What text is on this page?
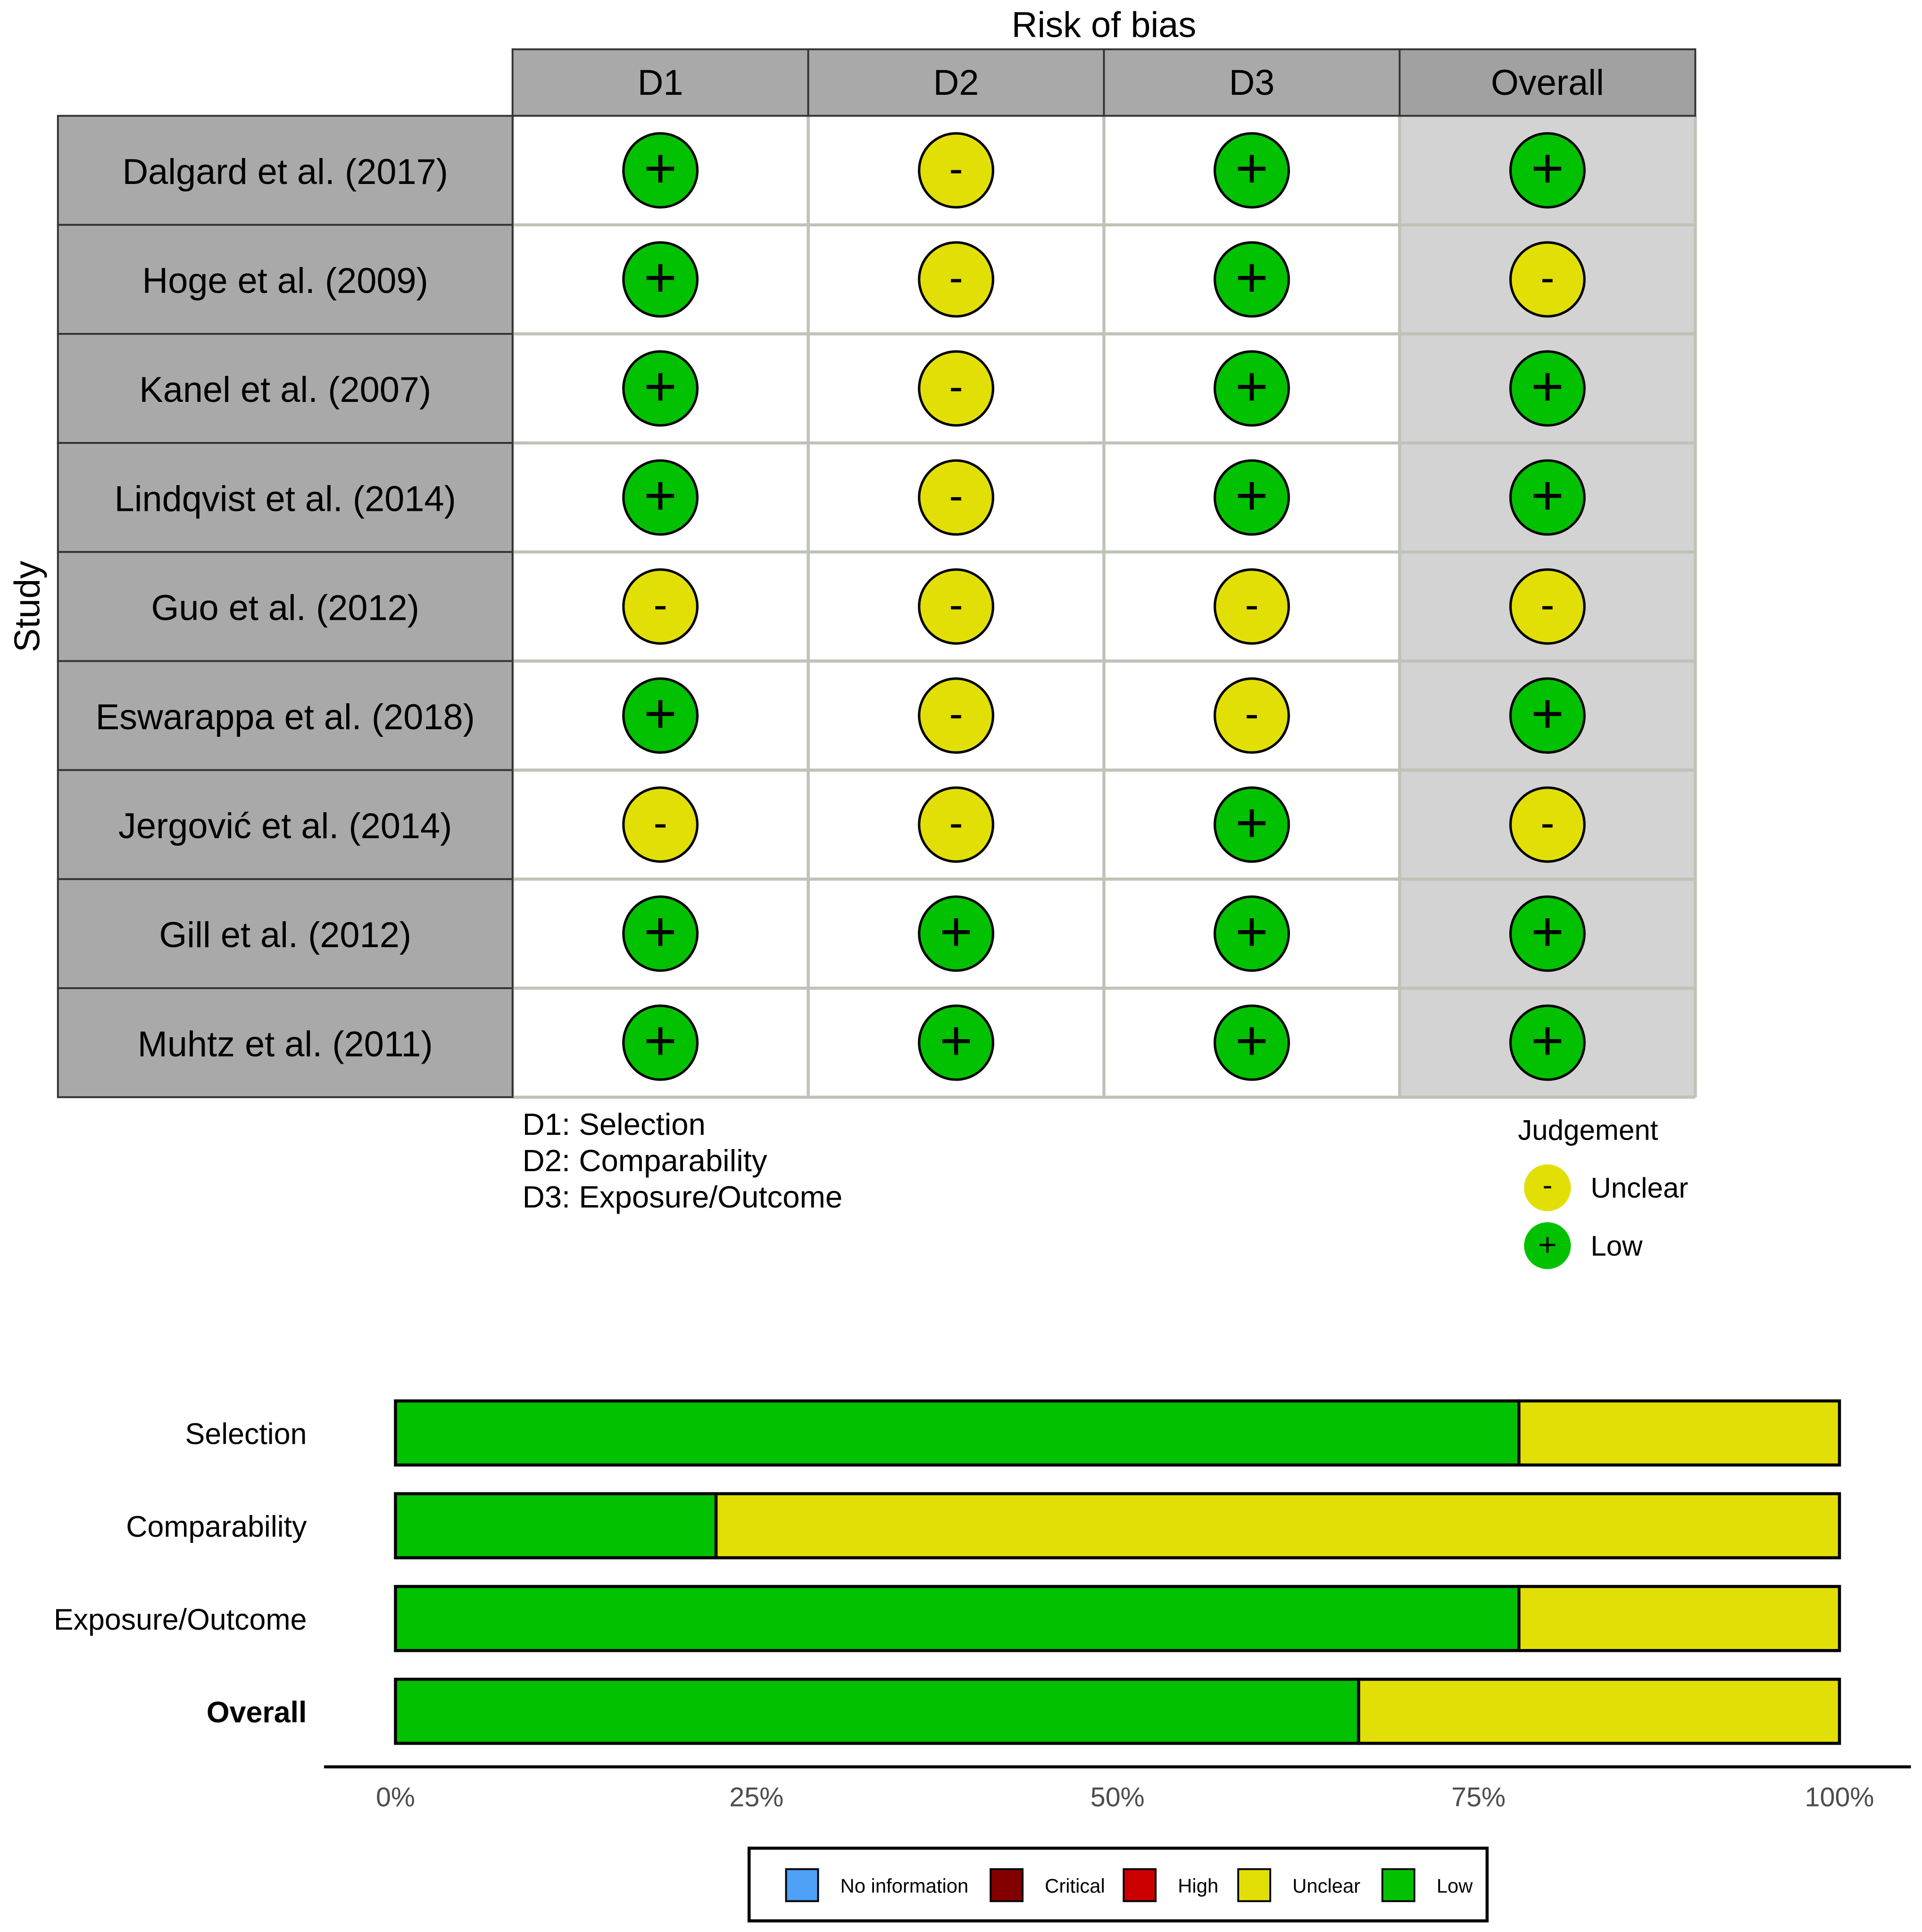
Risk of bias
D1	D2	D3	Overall
Study
Dalgard et al. (2017)	+	-	+	+
Hoge et al. (2009)	+	-	+	-
Kanel et al. (2007)	+	-	+	+
Lindqvist et al. (2014)	+	-	+	+
Guo et al. (2012)	-	-	-	-
Eswarappa et al. (2018)	+	-	-	+
Jergović et al. (2014)	-	-	+	-
Gill et al. (2012)	+	+	+	+
Muhtz et al. (2011)	+	+	+	+
D1: Selection
D2: Comparability
D3: Exposure/Outcome
Judgement
-	Unclear
+	Low
Selection
Comparability
Exposure/Outcome
Overall
0%	25%	50%	75%	100%
No information	Critical	High	Unclear	Low
